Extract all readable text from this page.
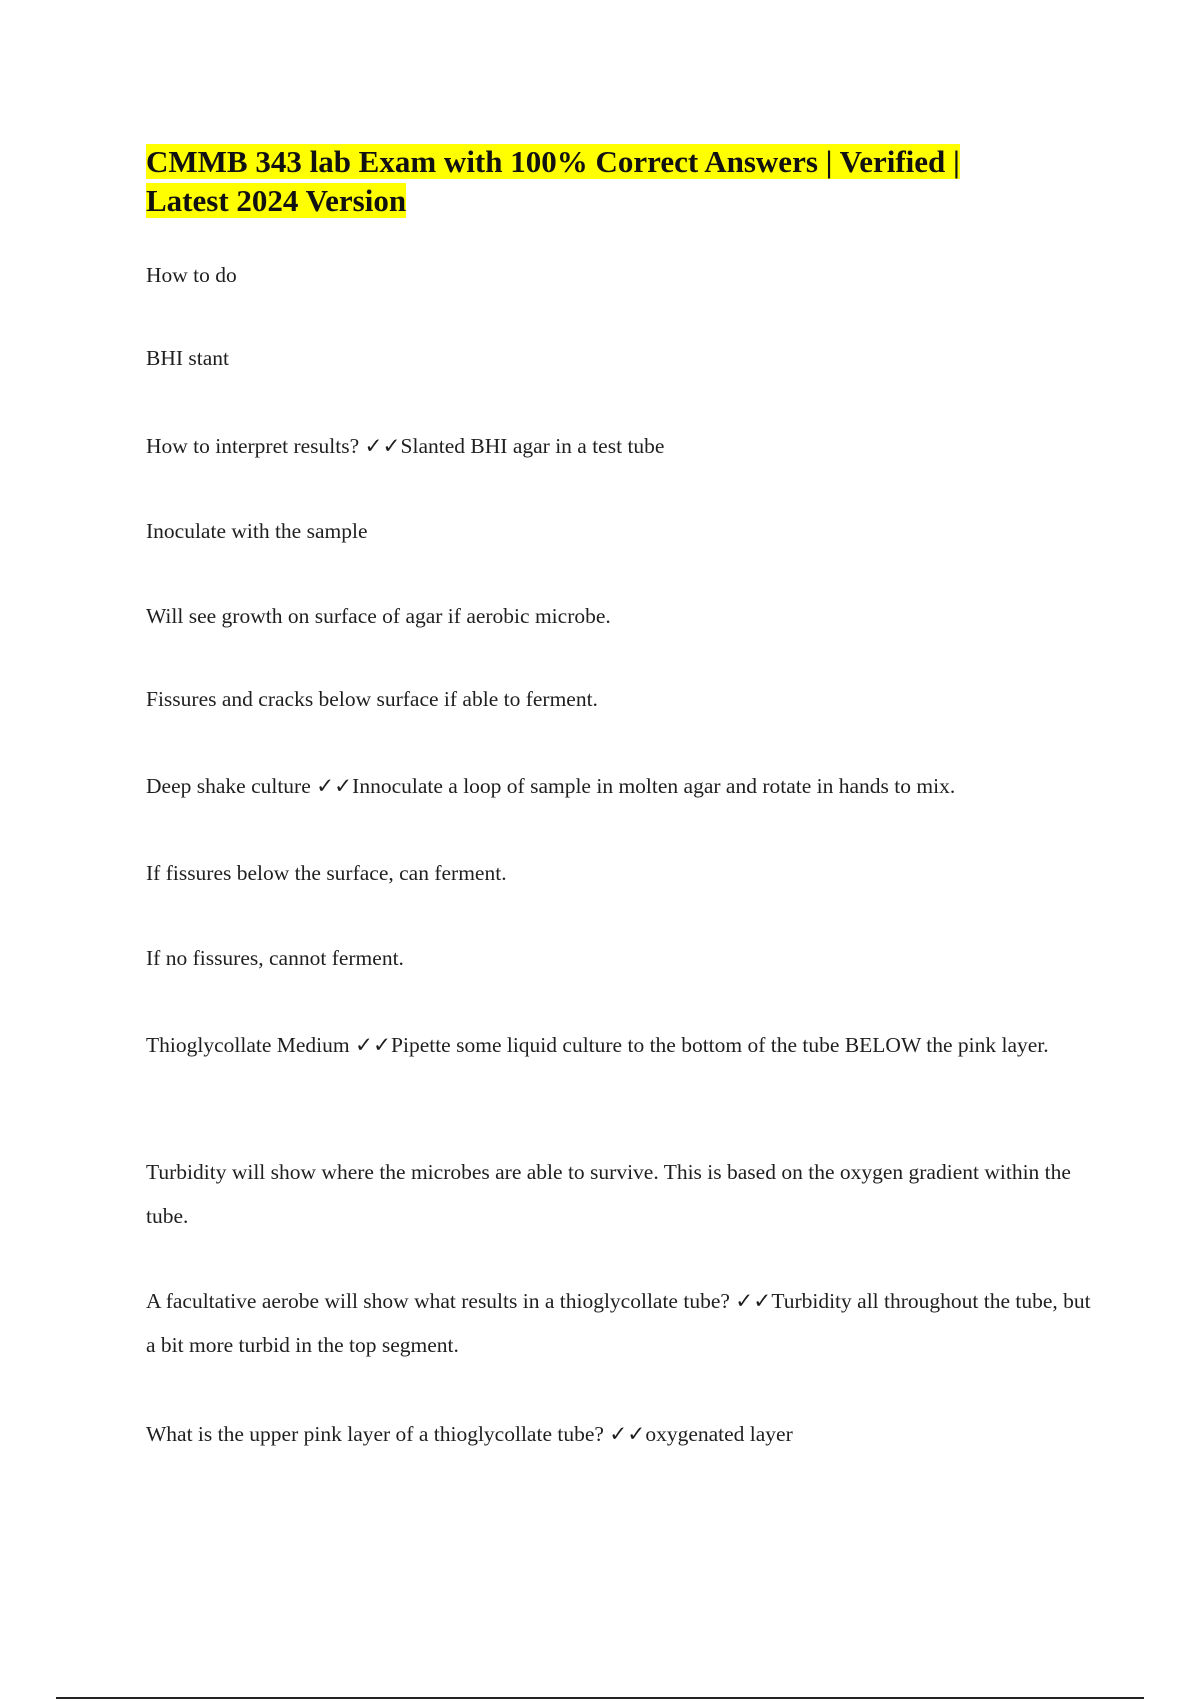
CMMB 343 lab Exam with 100% Correct Answers | Verified |
Latest 2024 Version

How to do

BHI stant

How to interpret results? ✓✓Slanted BHI agar in a test tube

Inoculate with the sample

Will see growth on surface of agar if aerobic microbe.

Fissures and cracks below surface if able to ferment.

Deep shake culture ✓✓Innoculate a loop of sample in molten agar and rotate in hands to mix.

If fissures below the surface, can ferment.

If no fissures, cannot ferment.

Thioglycollate Medium ✓✓Pipette some liquid culture to the bottom of the tube BELOW the pink layer.

Turbidity will show where the microbes are able to survive. This is based on the oxygen gradient within the tube.

A facultative aerobe will show what results in a thioglycollate tube? ✓✓Turbidity all throughout the tube, but a bit more turbid in the top segment.

What is the upper pink layer of a thioglycollate tube? ✓✓oxygenated layer
